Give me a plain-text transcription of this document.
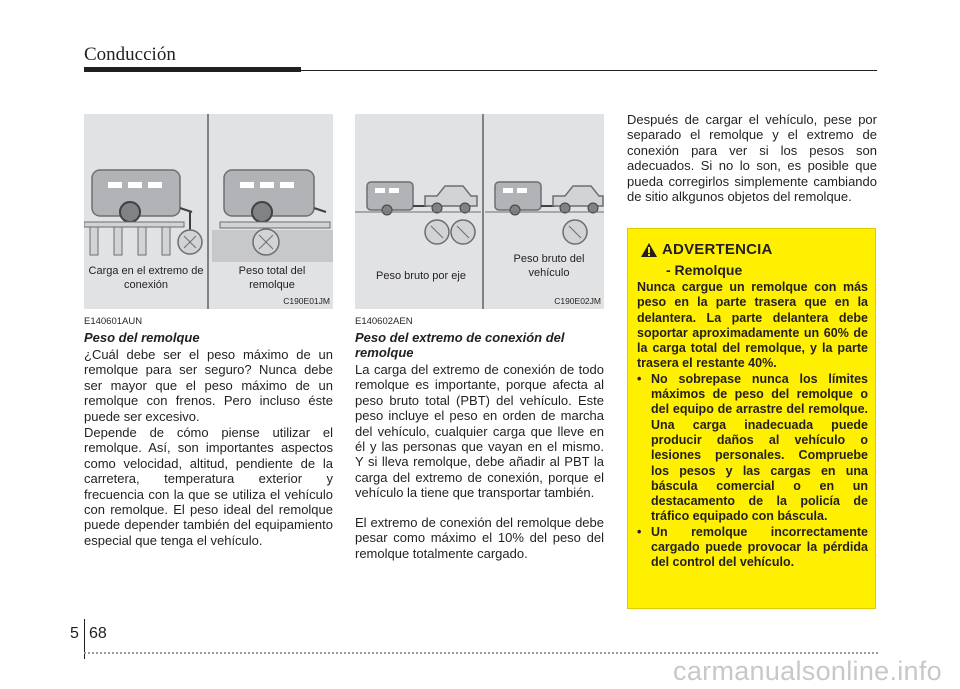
Conducción
Carga en el extremo de conexión
Peso total del remolque
C190E01JM
Peso bruto por eje
Peso bruto del vehículo
C190E02JM
E140601AUN
Peso del remolque

¿Cuál debe ser el peso máximo de un remolque para ser seguro? Nunca debe ser mayor que el peso máximo de un remolque con frenos. Pero incluso éste puede ser excesivo.

Depende de cómo piense utilizar el remolque. Así, son importantes aspectos como velocidad, altitud, pendiente de la carretera, temperatura exterior y frecuencia con la que se utiliza el vehículo con remolque. El peso ideal del remolque puede depender también del equipamiento especial que tenga el vehículo.

E140602AEN
Peso del extremo de conexión del remolque

La carga del extremo de conexión de todo remolque es importante, porque afecta al peso bruto total (PBT) del vehículo. Este peso incluye el peso en orden de marcha del vehículo, cualquier carga que lleve en él y las personas que vayan en el mismo. Y si lleva remolque, debe añadir al PBT la carga del extremo de conexión, porque el vehículo la tiene que transportar también.

El extremo de conexión del remolque debe pesar como máximo el 10% del peso del remolque totalmente cargado.

Después de cargar el vehículo, pese por separado el remolque y el extremo de conexión para ver si los pesos son adecuados. Si no lo son, es posible que pueda corregirlos simplemente cambiando de sitio alkgunos objetos del remolque.

ADVERTENCIA
- Remolque
Nunca cargue un remolque con más peso en la parte trasera que en la delantera. La parte delantera debe soportar aproximadamente un 60% de la carga total del remolque, y la parte trasera el restante 40%.
• No sobrepase nunca los límites máximos de peso del remolque o del equipo de arrastre del remolque. Una carga inadecuada puede producir daños al vehículo o lesiones personales. Compruebe los pesos y las cargas en una báscula comercial o en un destacamento de la policía de tráfico equipado con báscula.
• Un remolque incorrectamente cargado puede provocar la pérdida del control del vehículo.
5 68
carmanualsonline.info
